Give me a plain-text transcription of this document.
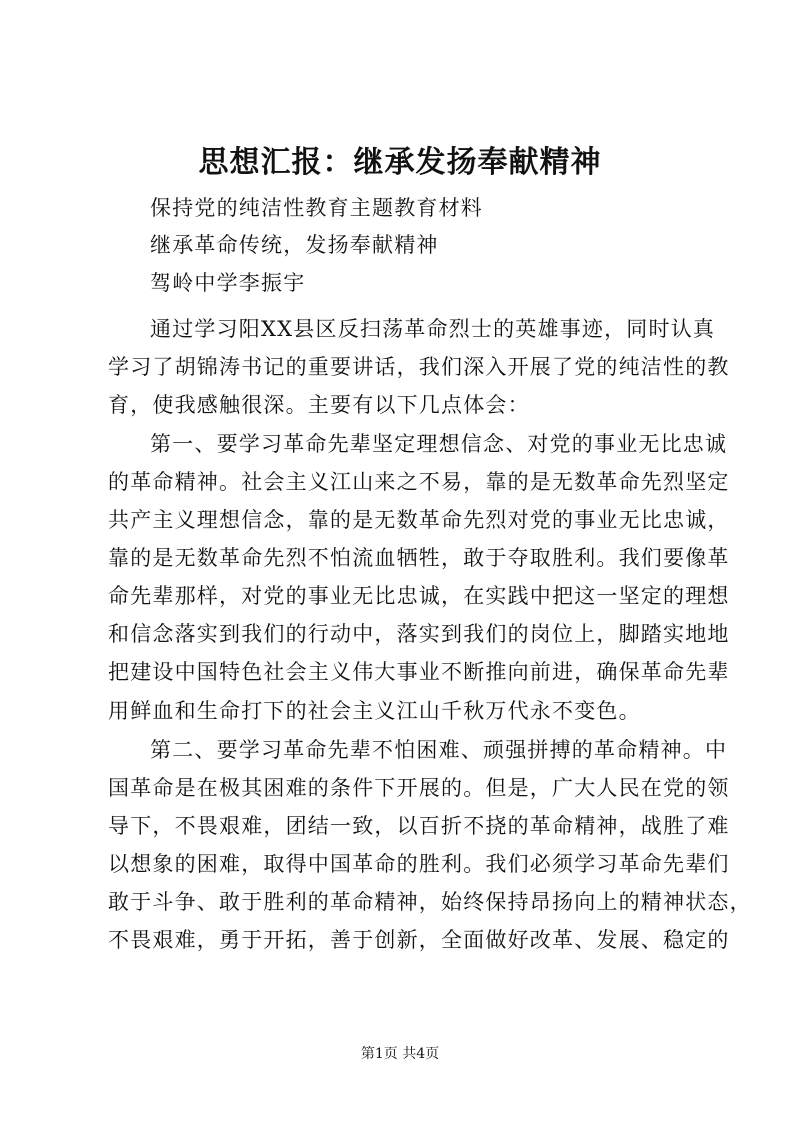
思想汇报：继承发扬奉献精神
保持党的纯洁性教育主题教育材料
继承革命传统，发扬奉献精神
驾岭中学李振宇
通过学习阳XX县区反扫荡革命烈士的英雄事迹，同时认真
学习了胡锦涛书记的重要讲话，我们深入开展了党的纯洁性的教
育，使我感触很深。主要有以下几点体会：
第一、要学习革命先辈坚定理想信念、对党的事业无比忠诚
的革命精神。社会主义江山来之不易，靠的是无数革命先烈坚定
共产主义理想信念，靠的是无数革命先烈对党的事业无比忠诚，
靠的是无数革命先烈不怕流血牺牲，敢于夺取胜利。我们要像革
命先辈那样，对党的事业无比忠诚，在实践中把这一坚定的理想
和信念落实到我们的行动中，落实到我们的岗位上，脚踏实地地
把建设中国特色社会主义伟大事业不断推向前进，确保革命先辈
用鲜血和生命打下的社会主义江山千秋万代永不变色。
第二、要学习革命先辈不怕困难、顽强拼搏的革命精神。中
国革命是在极其困难的条件下开展的。但是，广大人民在党的领
导下，不畏艰难，团结一致，以百折不挠的革命精神，战胜了难
以想象的困难，取得中国革命的胜利。我们必须学习革命先辈们
敢于斗争、敢于胜利的革命精神，始终保持昂扬向上的精神状态，
不畏艰难，勇于开拓，善于创新，全面做好改革、发展、稳定的
第1页 共4页
